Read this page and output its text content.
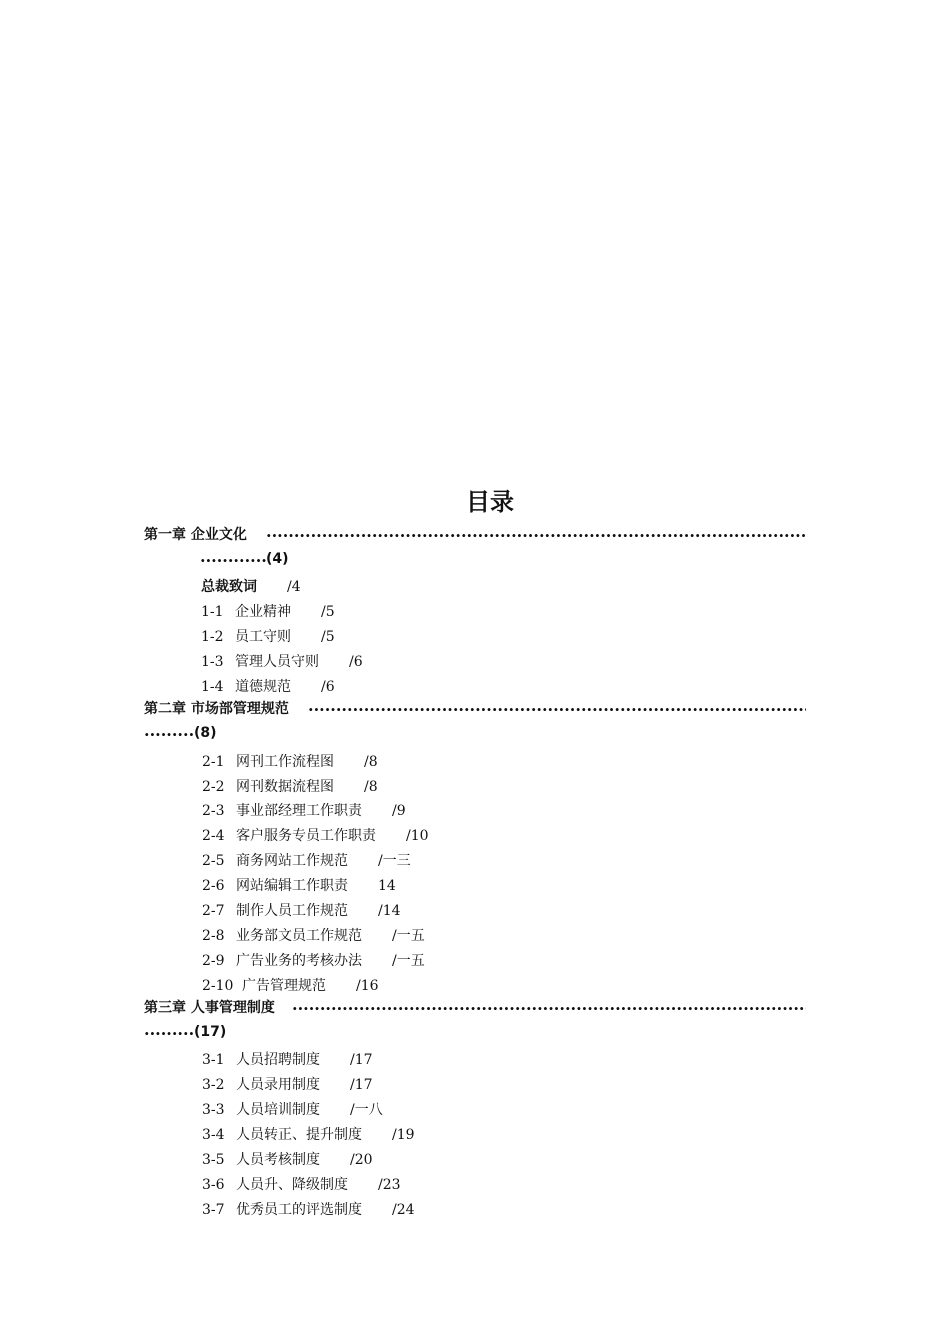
目录
第一章 企业文化
·····
·····
(4)
总裁致词 /4
1-1 企业精神 /5
1-2 员工守则 /5
1-3 管理人员守则 /6
1-4 道德规范 /6
第二章 市场部管理规范
·····
·····
(8)
2-1 网刊工作流程图 /8
2-2 网刊数据流程图 /8
2-3 事业部经理工作职责 /9
2-4 客户服务专员工作职责 /10
2-5 商务网站工作规范 /一三
2-6 网站编辑工作职责 14
2-7 制作人员工作规范 /14
2-8 业务部文员工作规范 /一五
2-9 广告业务的考核办法 /一五
2-10 广告管理规范 /16
第三章 人事管理制度
·····
·····
(17)
3-1 人员招聘制度 /17
3-2 人员录用制度 /17
3-3 人员培训制度 /一八
3-4 人员转正、提升制度 /19
3-5 人员考核制度 /20
3-6 人员升、降级制度 /23
3-7 优秀员工的评选制度 /24
